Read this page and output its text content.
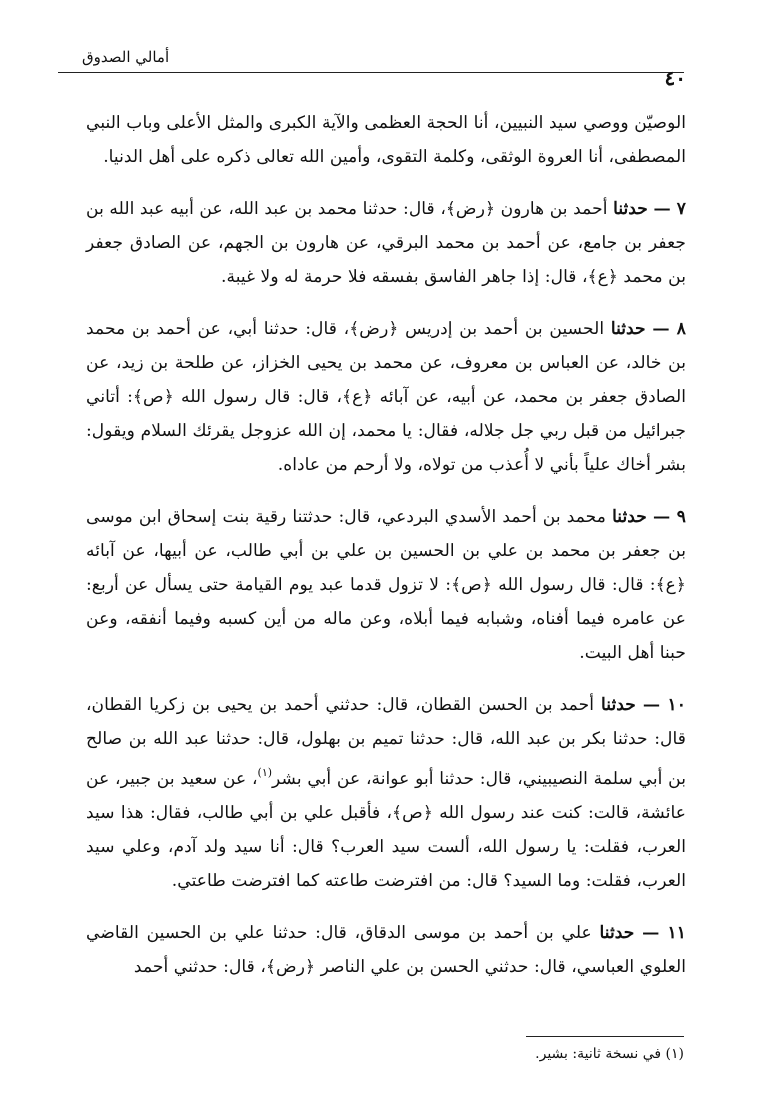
أمالي الصدوق
٤٠

الوصيّن ووصي سيد النبيين، أنا الحجة العظمى والآية الكبرى والمثل الأعلى وباب النبي المصطفى، أنا العروة الوثقى، وكلمة التقوى، وأمين الله تعالى ذكره على أهل الدنيا.

٧ — حدثنا أحمد بن هارون ﴿رض﴾، قال: حدثنا محمد بن عبد الله، عن أبيه عبد الله بن جعفر بن جامع، عن أحمد بن محمد البرقي، عن هارون بن الجهم، عن الصادق جعفر بن محمد ﴿ع﴾، قال: إذا جاهر الفاسق بفسقه فلا حرمة له ولا غيبة.

٨ — حدثنا الحسين بن أحمد بن إدريس ﴿رض﴾، قال: حدثنا أبي، عن أحمد بن محمد بن خالد، عن العباس بن معروف، عن محمد بن يحيى الخزاز، عن طلحة بن زيد، عن الصادق جعفر بن محمد، عن أبيه، عن آبائه ﴿ع﴾، قال: قال رسول الله ﴿ص﴾: أتاني جبرائيل من قبل ربي جل جلاله، فقال: يا محمد، إن الله عزوجل يقرئك السلام ويقول: بشر أخاك علياً بأني لا أُعذب من تولاه، ولا أرحم من عاداه.

٩ — حدثنا محمد بن أحمد الأسدي البردعي، قال: حدثتنا رقية بنت إسحاق ابن موسى بن جعفر بن محمد بن علي بن الحسين بن علي بن أبي طالب، عن أبيها، عن آبائه ﴿ع﴾: قال: قال رسول الله ﴿ص﴾: لا تزول قدما عبد يوم القيامة حتى يسأل عن أربع: عن عامره فيما أفناه، وشبابه فيما أبلاه، وعن ماله من أين كسبه وفيما أنفقه، وعن حبنا أهل البيت.

١٠ — حدثنا أحمد بن الحسن القطان، قال: حدثني أحمد بن يحيى بن زكريا القطان، قال: حدثنا بكر بن عبد الله، قال: حدثنا تميم بن بهلول، قال: حدثنا عبد الله بن صالح بن أبي سلمة النصيبيني، قال: حدثنا أبو عوانة، عن أبي بشر$^{(١)}$، عن سعيد بن جبير، عن عائشة، قالت: كنت عند رسول الله ﴿ص﴾، فأقبل علي بن أبي طالب، فقال: هذا سيد العرب، فقلت: يا رسول الله، ألست سيد العرب؟ قال: أنا سيد ولد آدم، وعلي سيد العرب، فقلت: وما السيد؟ قال: من افترضت طاعته كما افترضت طاعتي.

١١ — حدثنا علي بن أحمد بن موسى الدقاق، قال: حدثنا علي بن الحسين القاضي العلوي العباسي، قال: حدثني الحسن بن علي الناصر ﴿رض﴾، قال: حدثني أحمد

(١) في نسخة ثانية: بشير.
